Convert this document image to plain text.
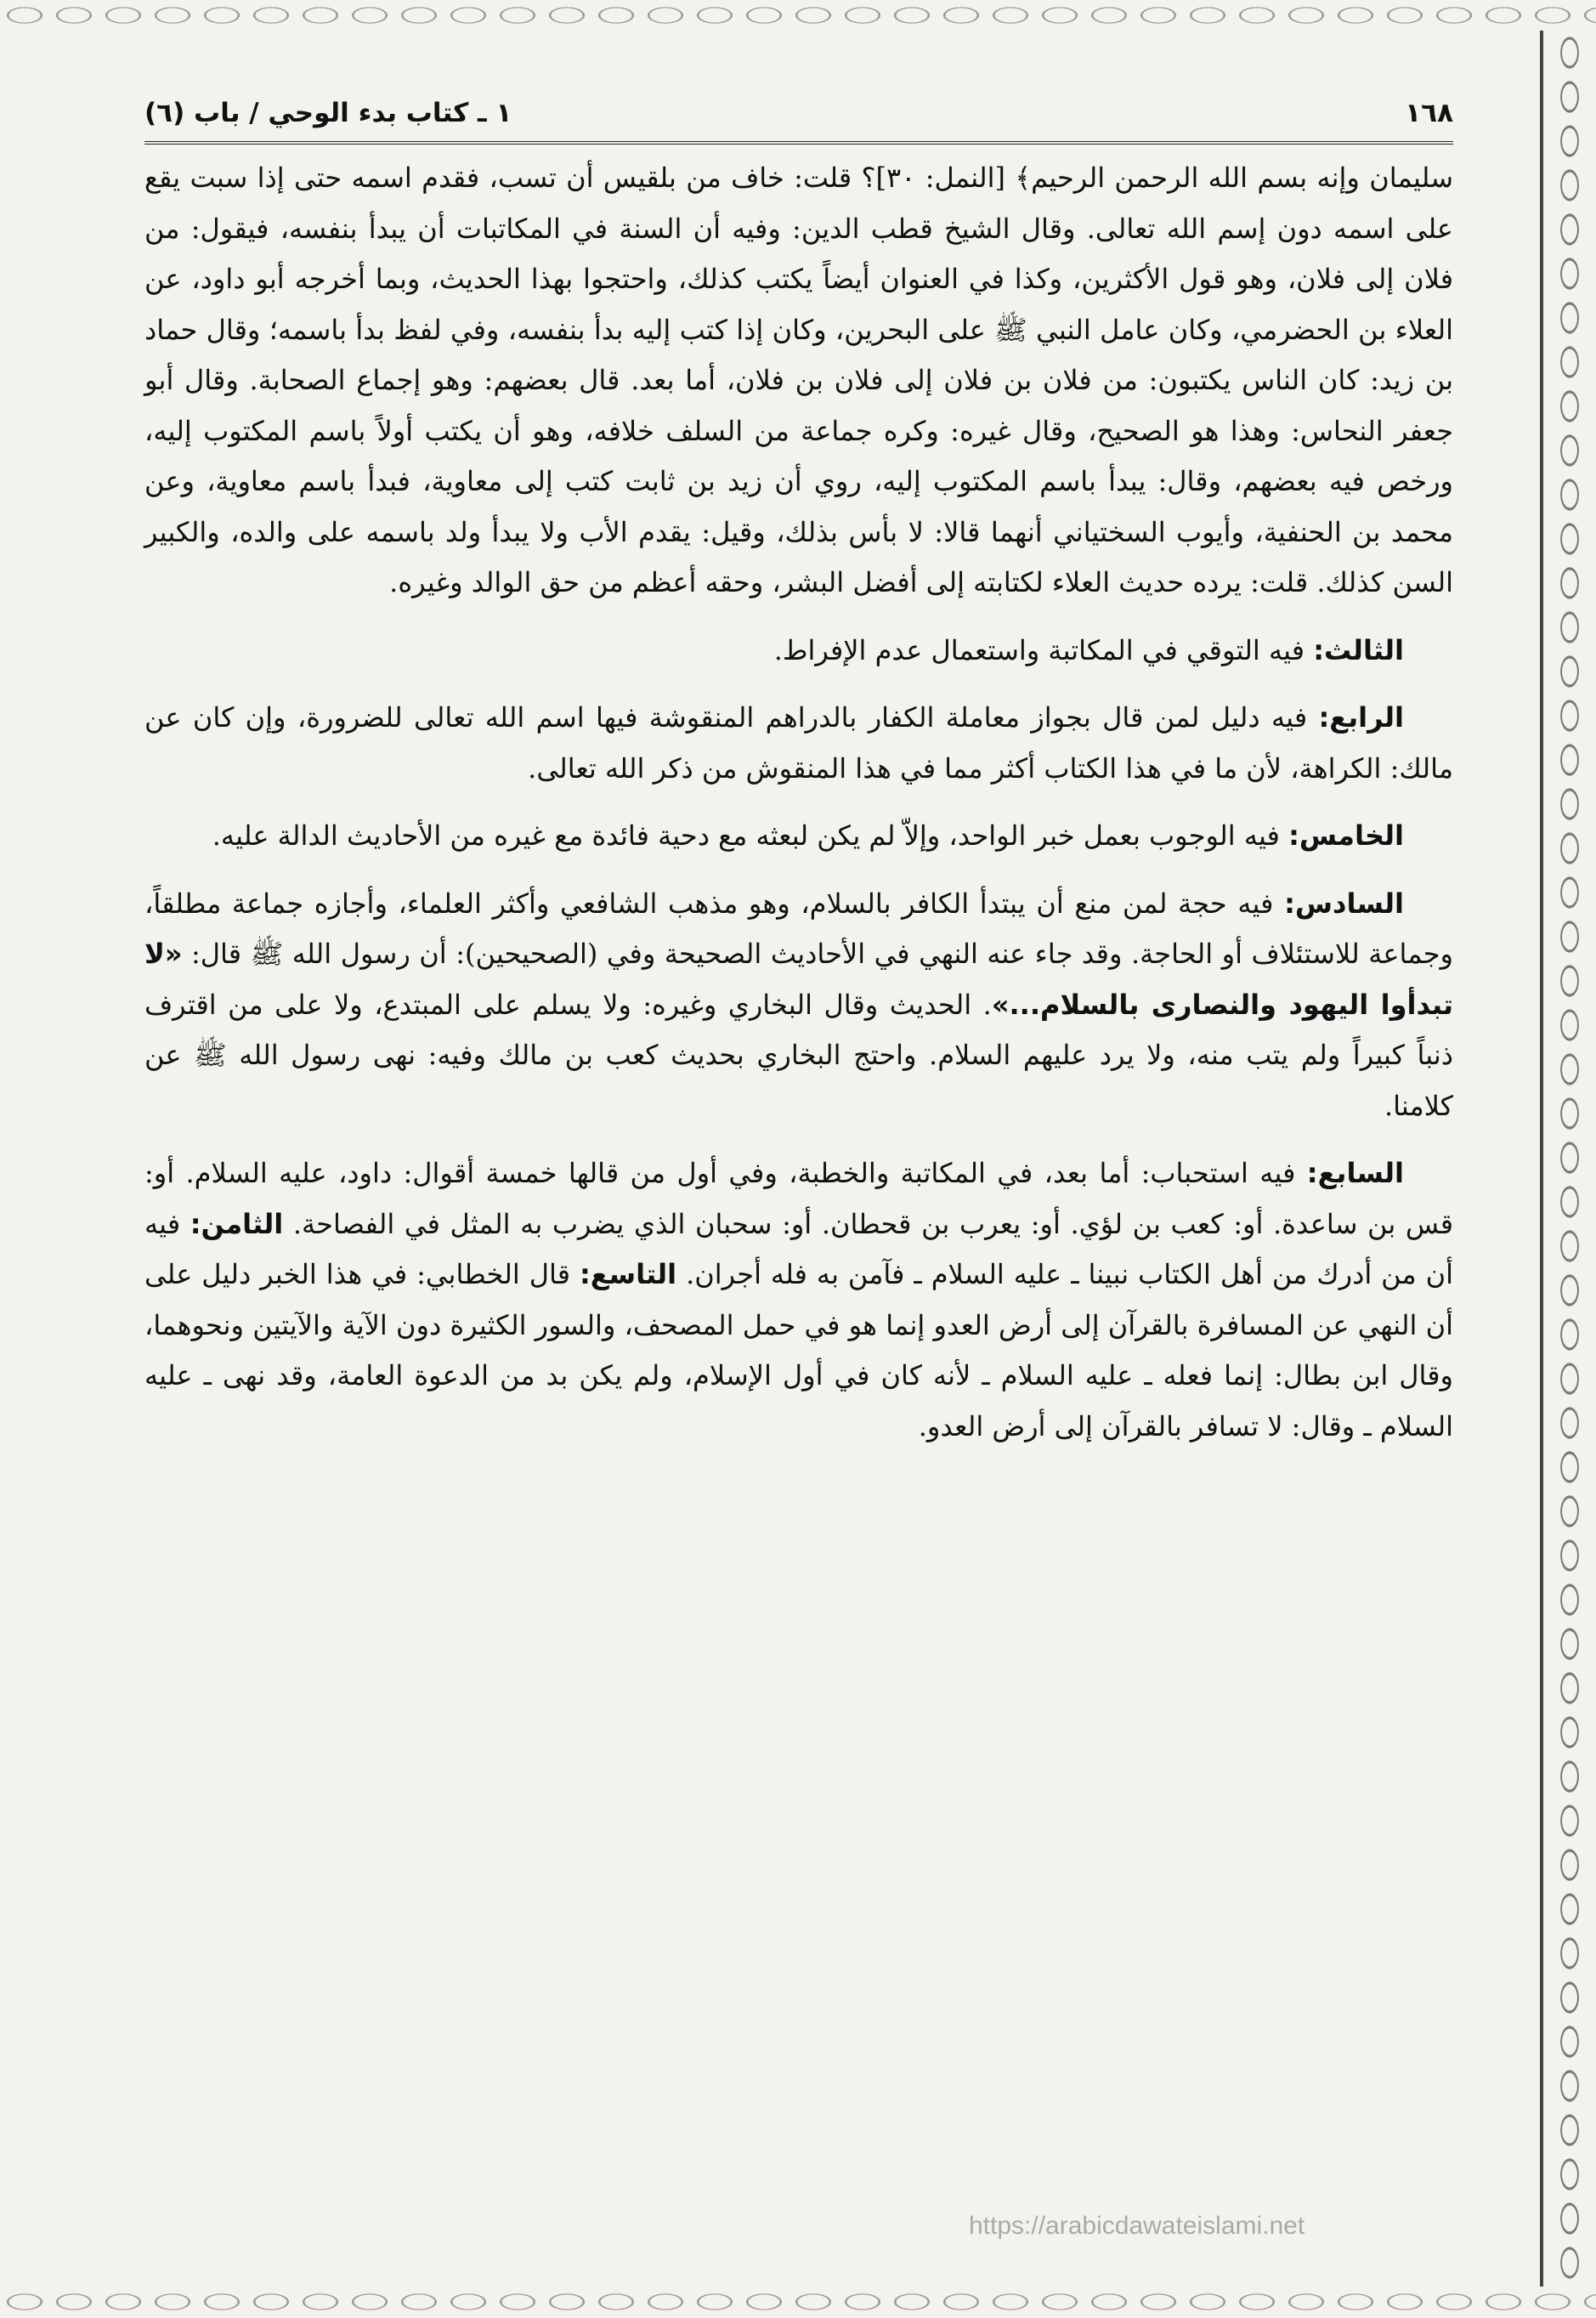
١٦٨
١ ـ كتاب بدء الوحي / باب (٦)

سليمان وإنه بسم الله الرحمن الرحيم﴾ [النمل: ٣٠]؟ قلت: خاف من بلقيس أن تسب، فقدم اسمه حتى إذا سبت يقع على اسمه دون إسم الله تعالى. وقال الشيخ قطب الدين: وفيه أن السنة في المكاتبات أن يبدأ بنفسه، فيقول: من فلان إلى فلان، وهو قول الأكثرين، وكذا في العنوان أيضاً يكتب كذلك، واحتجوا بهذا الحديث، وبما أخرجه أبو داود، عن العلاء بن الحضرمي، وكان عامل النبي ﷺ على البحرين، وكان إذا كتب إليه بدأ بنفسه، وفي لفظ بدأ باسمه؛ وقال حماد بن زيد: كان الناس يكتبون: من فلان بن فلان إلى فلان بن فلان، أما بعد. قال بعضهم: وهو إجماع الصحابة. وقال أبو جعفر النحاس: وهذا هو الصحيح، وقال غيره: وكره جماعة من السلف خلافه، وهو أن يكتب أولاً باسم المكتوب إليه، ورخص فيه بعضهم، وقال: يبدأ باسم المكتوب إليه، روي أن زيد بن ثابت كتب إلى معاوية، فبدأ باسم معاوية، وعن محمد بن الحنفية، وأيوب السختياني أنهما قالا: لا بأس بذلك، وقيل: يقدم الأب ولا يبدأ ولد باسمه على والده، والكبير السن كذلك. قلت: يرده حديث العلاء لكتابته إلى أفضل البشر، وحقه أعظم من حق الوالد وغيره.

الثالث: فيه التوقي في المكاتبة واستعمال عدم الإفراط.

الرابع: فيه دليل لمن قال بجواز معاملة الكفار بالدراهم المنقوشة فيها اسم الله تعالى للضرورة، وإن كان عن مالك: الكراهة، لأن ما في هذا الكتاب أكثر مما في هذا المنقوش من ذكر الله تعالى.

الخامس: فيه الوجوب بعمل خبر الواحد، وإلاّ لم يكن لبعثه مع دحية فائدة مع غيره من الأحاديث الدالة عليه.

السادس: فيه حجة لمن منع أن يبتدأ الكافر بالسلام، وهو مذهب الشافعي وأكثر العلماء، وأجازه جماعة مطلقاً، وجماعة للاستئلاف أو الحاجة. وقد جاء عنه النهي في الأحاديث الصحيحة وفي (الصحيحين): أن رسول الله ﷺ قال: «لا تبدأوا اليهود والنصارى بالسلام...». الحديث وقال البخاري وغيره: ولا يسلم على المبتدع، ولا على من اقترف ذنباً كبيراً ولم يتب منه، ولا يرد عليهم السلام. واحتج البخاري بحديث كعب بن مالك وفيه: نهى رسول الله ﷺ عن كلامنا.

السابع: فيه استحباب: أما بعد، في المكاتبة والخطبة، وفي أول من قالها خمسة أقوال: داود، عليه السلام. أو: قس بن ساعدة. أو: كعب بن لؤي. أو: يعرب بن قحطان. أو: سحبان الذي يضرب به المثل في الفصاحة. الثامن: فيه أن من أدرك من أهل الكتاب نبينا ـ عليه السلام ـ فآمن به فله أجران. التاسع: قال الخطابي: في هذا الخبر دليل على أن النهي عن المسافرة بالقرآن إلى أرض العدو إنما هو في حمل المصحف، والسور الكثيرة دون الآية والآيتين ونحوهما، وقال ابن بطال: إنما فعله ـ عليه السلام ـ لأنه كان في أول الإسلام، ولم يكن بد من الدعوة العامة، وقد نهى ـ عليه السلام ـ وقال: لا تسافر بالقرآن إلى أرض العدو.

https://arabicdawateislami.net
